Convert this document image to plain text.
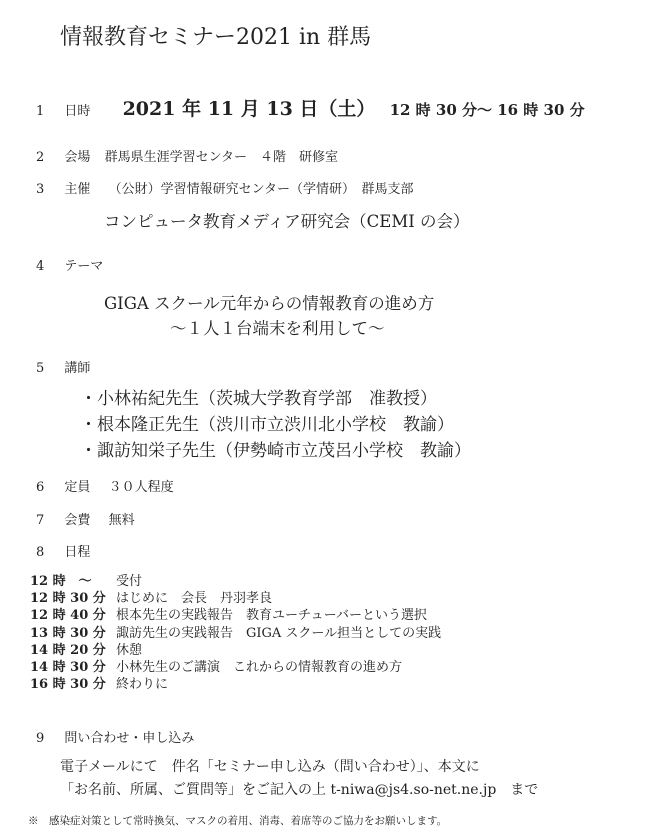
情報教育セミナー2021 in 群馬
1 日時 2021 年 11 月 13 日（土） 12 時 30 分〜 16 時 30 分
2 会場 群馬県生涯学習センター　４階　研修室
3 主催 （公財）学習情報研究センター（学情研）　群馬支部
コンピュータ教育メディア研究会（CEMI の会）
4 テーマ
GIGA スクール元年からの情報教育の進め方
〜１人１台端末を利用して〜
5 講師
・小林祐紀先生（茨城大学教育学部　准教授）
・根本隆正先生（渋川市立渋川北小学校　教諭）
・諏訪知栄子先生（伊勢崎市立茂呂小学校　教諭）
6 定員 ３０人程度
7 会費 無料
8 日程
12 時　〜 受付
12 時 30 分 はじめに　会長　丹羽孝良
12 時 40 分 根本先生の実践報告　教育ユーチューバーという選択
13 時 30 分 諏訪先生の実践報告　GIGA スクール担当としての実践
14 時 20 分 休憩
14 時 30 分 小林先生のご講演　これからの情報教育の進め方
16 時 30 分 終わりに
9 問い合わせ・申し込み
電子メールにて　件名「セミナー申し込み（問い合わせ）」、本文に
「お名前、所属、ご質問等」をご記入の上 t-niwa@js4.so-net.ne.jp　まで
※　感染症対策として常時換気、マスクの着用、消毒、着席等のご協力をお願いします。
